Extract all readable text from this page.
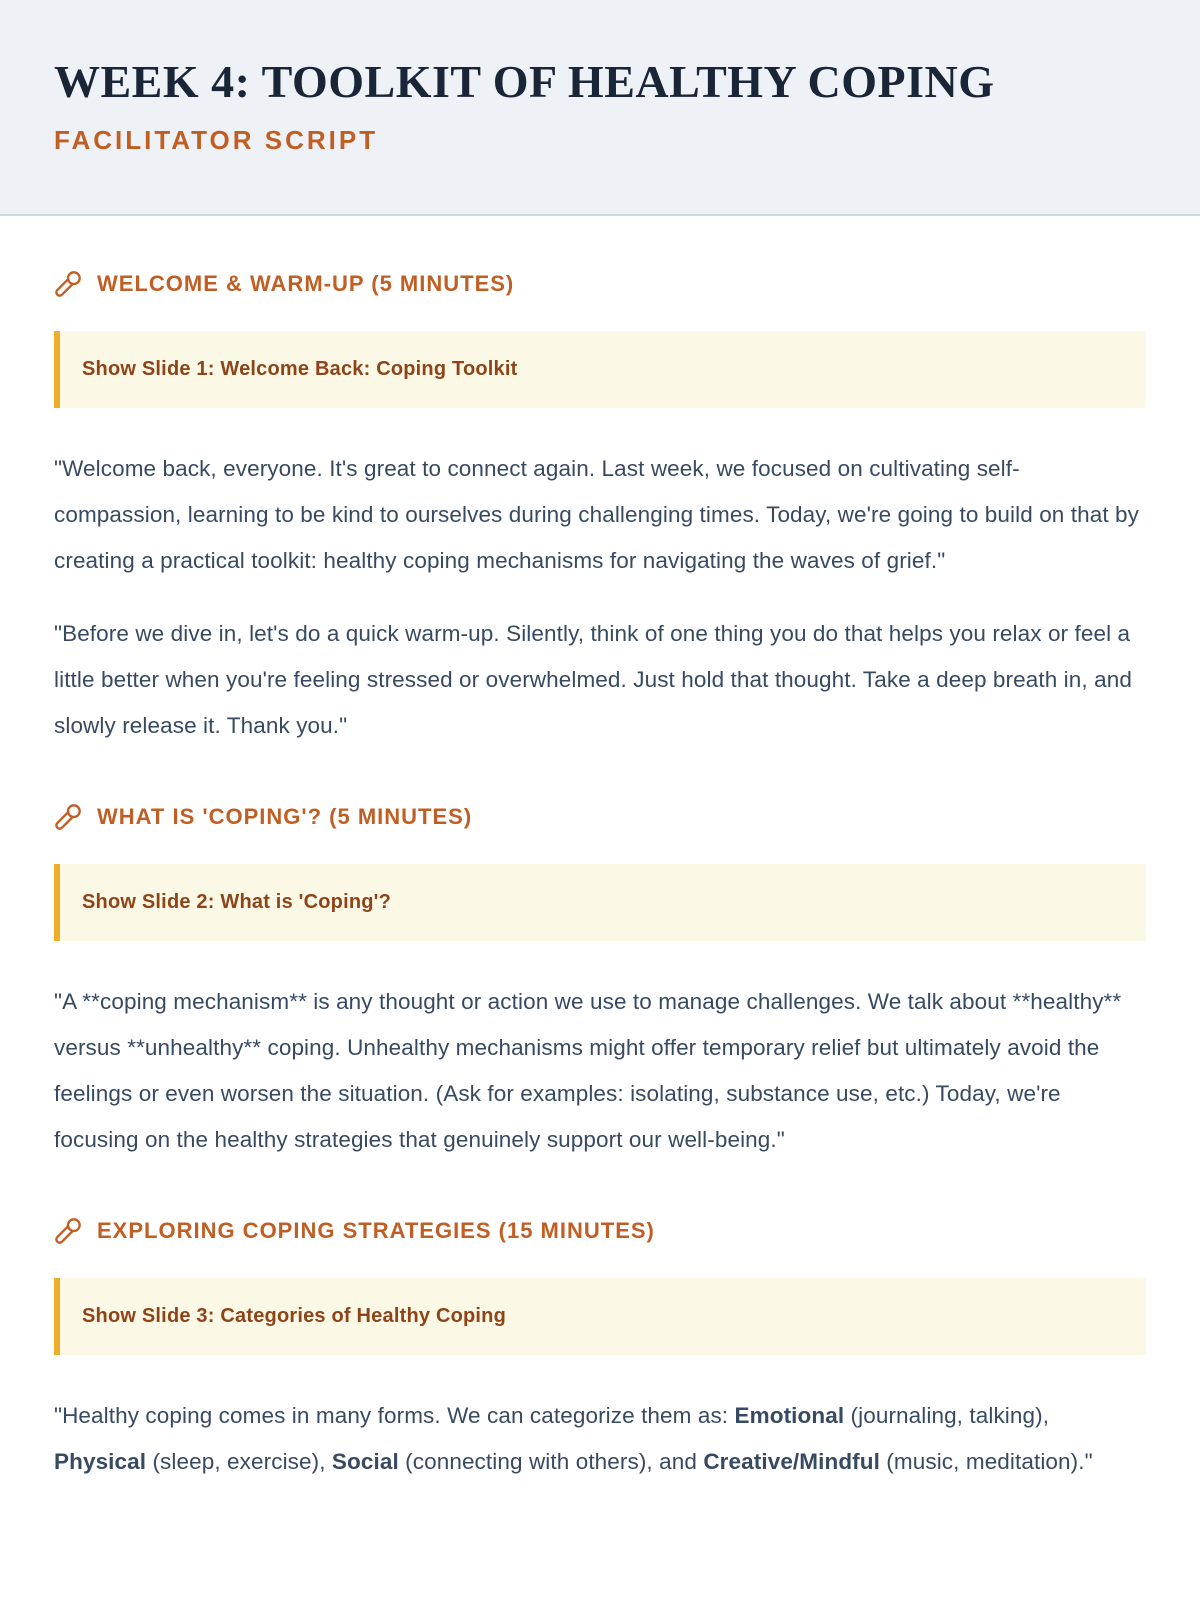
WEEK 4: TOOLKIT OF HEALTHY COPING
FACILITATOR SCRIPT
WELCOME & WARM-UP (5 MINUTES)
Show Slide 1: Welcome Back: Coping Toolkit

"Welcome back, everyone. It's great to connect again. Last week, we focused on cultivating self-compassion, learning to be kind to ourselves during challenging times. Today, we're going to build on that by creating a practical toolkit: healthy coping mechanisms for navigating the waves of grief."

"Before we dive in, let's do a quick warm-up. Silently, think of one thing you do that helps you relax or feel a little better when you're feeling stressed or overwhelmed. Just hold that thought. Take a deep breath in, and slowly release it. Thank you."

WHAT IS 'COPING'? (5 MINUTES)
Show Slide 2: What is 'Coping'?

"A **coping mechanism** is any thought or action we use to manage challenges. We talk about **healthy** versus **unhealthy** coping. Unhealthy mechanisms might offer temporary relief but ultimately avoid the feelings or even worsen the situation. (Ask for examples: isolating, substance use, etc.) Today, we're focusing on the healthy strategies that genuinely support our well-being."

EXPLORING COPING STRATEGIES (15 MINUTES)
Show Slide 3: Categories of Healthy Coping

"Healthy coping comes in many forms. We can categorize them as: Emotional (journaling, talking), Physical (sleep, exercise), Social (connecting with others), and Creative/Mindful (music, meditation)."
